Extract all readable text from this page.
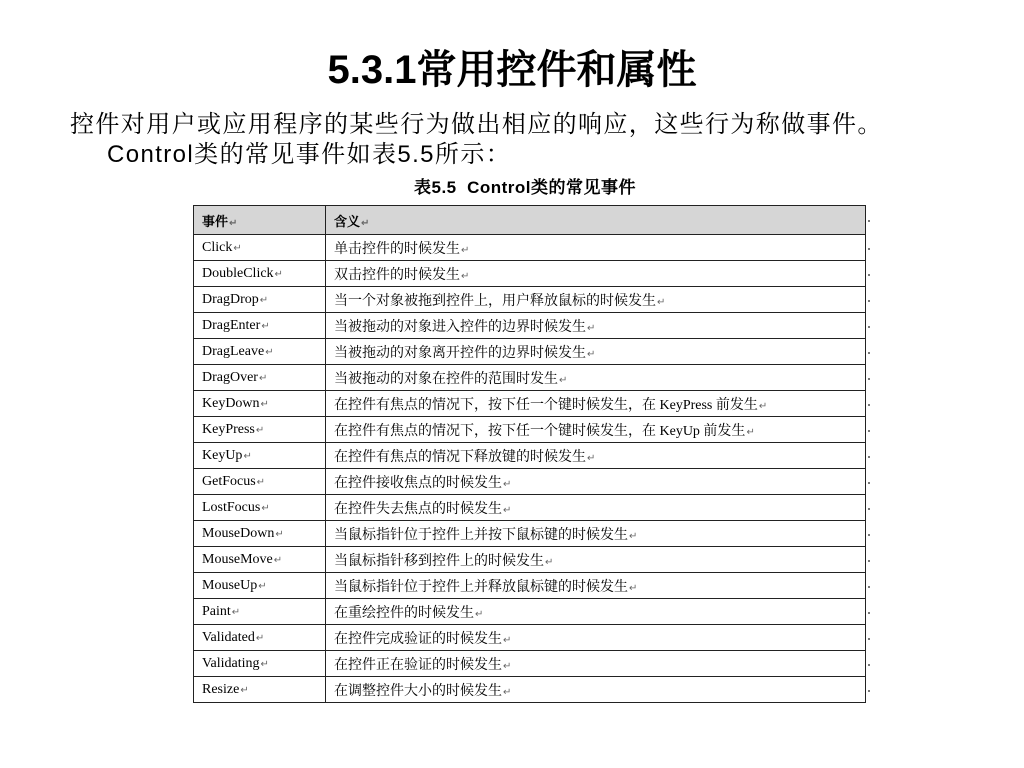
5.3.1常用控件和属性
控件对用户或应用程序的某些行为做出相应的响应，这些行为称做事件。
Control类的常见事件如表5.5所示：
表5.5  Control类的常见事件
事件↵	含义↵
Click↵	单击控件的时候发生↵
DoubleClick↵	双击控件的时候发生↵
DragDrop↵	当一个对象被拖到控件上，用户释放鼠标的时候发生↵
DragEnter↵	当被拖动的对象进入控件的边界时候发生↵
DragLeave↵	当被拖动的对象离开控件的边界时候发生↵
DragOver↵	当被拖动的对象在控件的范围时发生↵
KeyDown↵	在控件有焦点的情况下，按下任一个键时候发生，在 KeyPress 前发生↵
KeyPress↵	在控件有焦点的情况下，按下任一个键时候发生，在 KeyUp 前发生↵
KeyUp↵	在控件有焦点的情况下释放键的时候发生↵
GetFocus↵	在控件接收焦点的时候发生↵
LostFocus↵	在控件失去焦点的时候发生↵
MouseDown↵	当鼠标指针位于控件上并按下鼠标键的时候发生↵
MouseMove↵	当鼠标指针移到控件上的时候发生↵
MouseUp↵	当鼠标指针位于控件上并释放鼠标键的时候发生↵
Paint↵	在重绘控件的时候发生↵
Validated↵	在控件完成验证的时候发生↵
Validating↵	在控件正在验证的时候发生↵
Resize↵	在调整控件大小的时候发生↵
